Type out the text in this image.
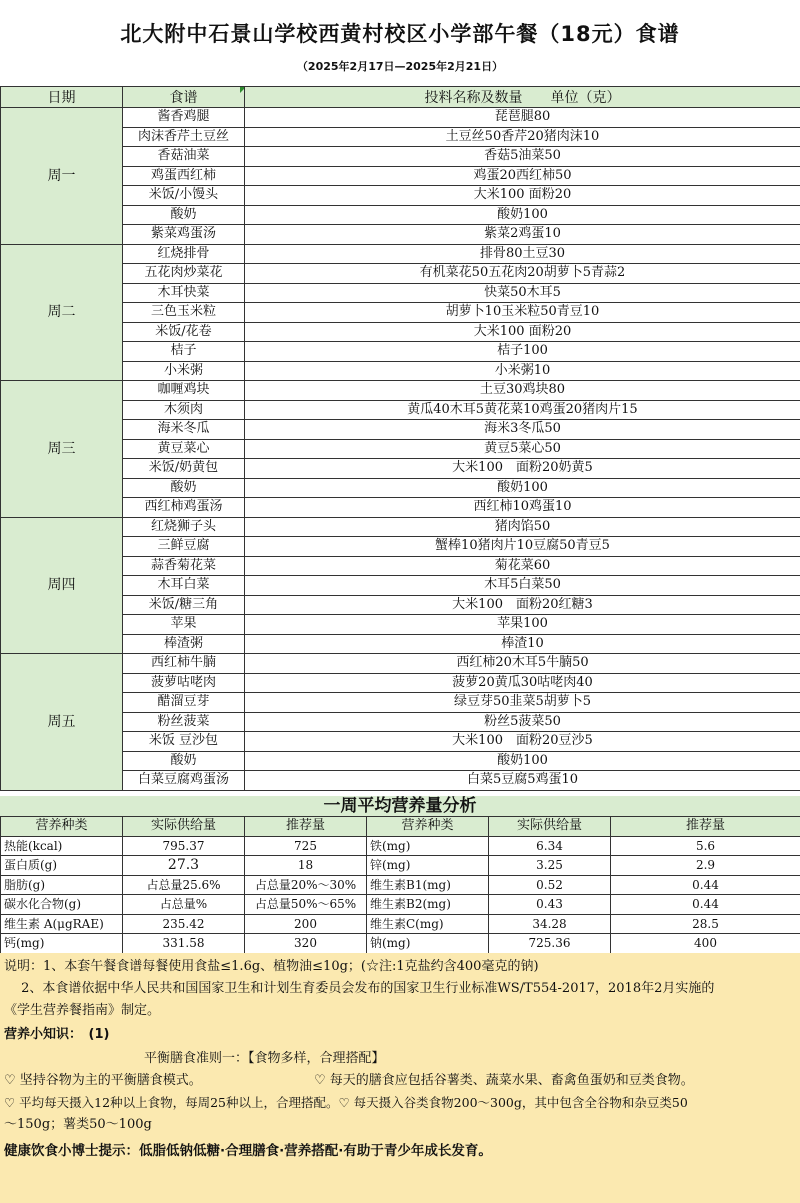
北大附中石景山学校西黄村校区小学部午餐（18元）食谱
（2025年2月17日—2025年2月21日）
日期	食谱	投料名称及数量　　单位（克）
周一	酱香鸡腿	琵琶腿80
	肉沫香芹土豆丝	土豆丝50香芹20猪肉沫10
	香菇油菜	香菇5油菜50
	鸡蛋西红柿	鸡蛋20西红柿50
	米饭/小馒头	大米100 面粉20
	酸奶	酸奶100
	紫菜鸡蛋汤	紫菜2鸡蛋10
周二	红烧排骨	排骨80土豆30
	五花肉炒菜花	有机菜花50五花肉20胡萝卜5青蒜2
	木耳快菜	快菜50木耳5
	三色玉米粒	胡萝卜10玉米粒50青豆10
	米饭/花卷	大米100 面粉20
	桔子	桔子100
	小米粥	小米粥10
周三	咖喱鸡块	土豆30鸡块80
	木须肉	黄瓜40木耳5黄花菜10鸡蛋20猪肉片15
	海米冬瓜	海米3冬瓜50
	黄豆菜心	黄豆5菜心50
	米饭/奶黄包	大米100　面粉20奶黄5
	酸奶	酸奶100
	西红柿鸡蛋汤	西红柿10鸡蛋10
周四	红烧狮子头	猪肉馅50
	三鲜豆腐	蟹棒10猪肉片10豆腐50青豆5
	蒜香菊花菜	菊花菜60
	木耳白菜	木耳5白菜50
	米饭/糖三角	大米100　面粉20红糖3
	苹果	苹果100
	棒渣粥	棒渣10
周五	西红柿牛腩	西红柿20木耳5牛腩50
	菠萝咕咾肉	菠萝20黄瓜30咕咾肉40
	醋溜豆芽	绿豆芽50韭菜5胡萝卜5
	粉丝菠菜	粉丝5菠菜50
	米饭 豆沙包	大米100　面粉20豆沙5
	酸奶	酸奶100
	白菜豆腐鸡蛋汤	白菜5豆腐5鸡蛋10
一周平均营养量分析
营养种类	实际供给量	推荐量	营养种类	实际供给量	推荐量
热能(kcal)	795.37	725	铁(mg)	6.34	5.6
蛋白质(g)	27.3	18	锌(mg)	3.25	2.9
脂肪(g)	占总量25.6%	占总量20%～30%	维生素B1(mg)	0.52	0.44
碳水化合物(g)	占总量%	占总量50%～65%	维生素B2(mg)	0.43	0.44
维生素 A(μgRAE)	235.42	200	维生素C(mg)	34.28	28.5
钙(mg)	331.58	320	钠(mg)	725.36	400
说明：1、本套午餐食谱每餐使用食盐≤1.6g、植物油≤10g；(☆注:1克盐约含400毫克的钠)
　 2、本食谱依据中华人民共和国国家卫生和计划生育委员会发布的国家卫生行业标准WS/T554-2017，2018年2月实施的
《学生营养餐指南》制定。
营养小知识：　(1)
平衡膳食准则一：【食物多样，合理搭配】
♡ 坚持谷物为主的平衡膳食模式。	♡ 每天的膳食应包括谷薯类、蔬菜水果、畜禽鱼蛋奶和豆类食物。
♡ 平均每天摄入12种以上食物，每周25种以上，合理搭配。♡ 每天摄入谷类食物200～300g，其中包含全谷物和杂豆类50
～150g；薯类50～100g
健康饮食小博士提示：低脂低钠低糖·合理膳食·营养搭配·有助于青少年成长发育。
